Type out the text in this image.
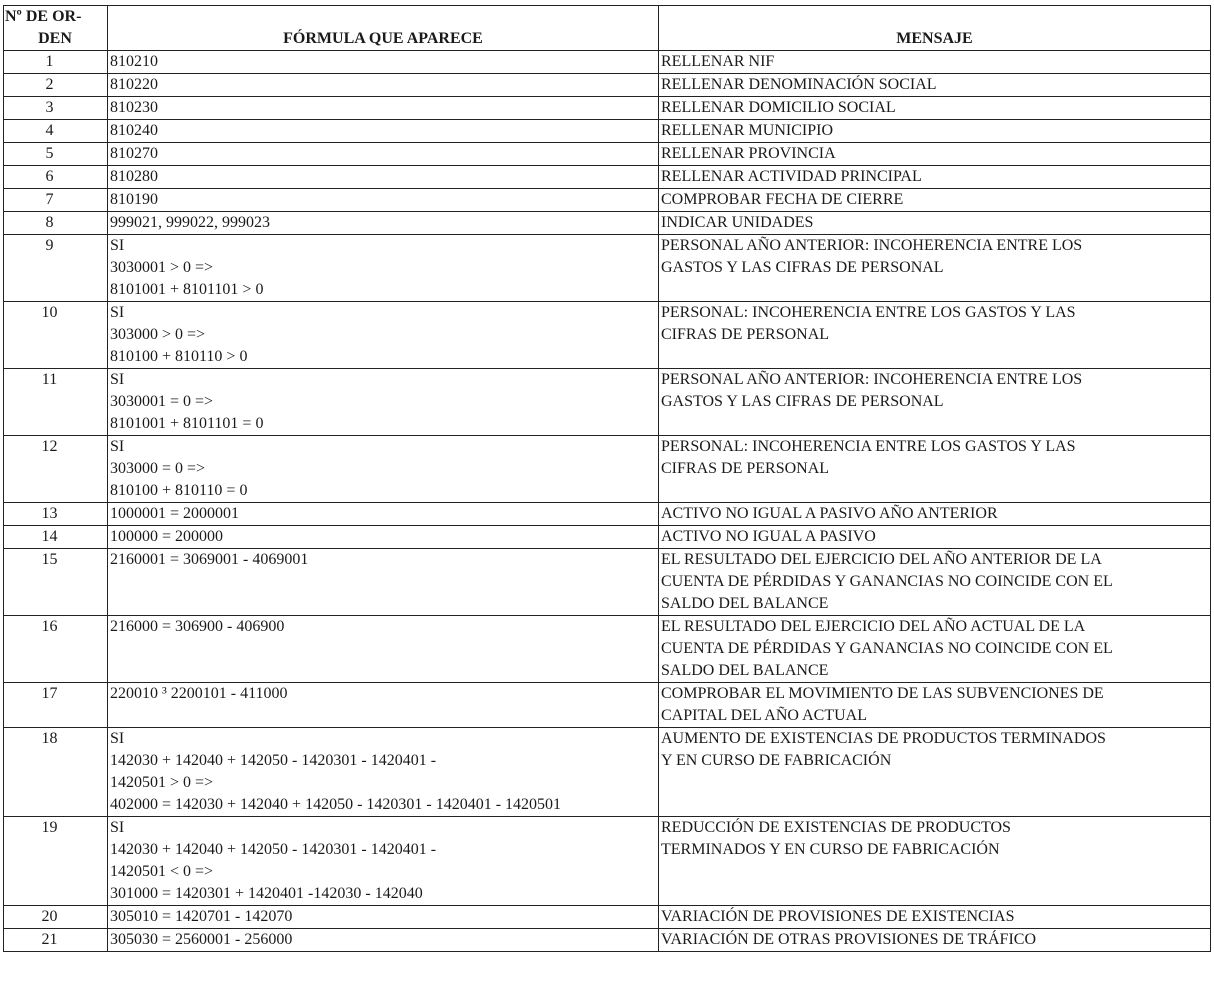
Nº DE OR-
DEN	FÓRMULA QUE APARECE	MENSAJE
1	810210	RELLENAR NIF

2	810220	RELLENAR DENOMINACIÓN SOCIAL

3	810230	RELLENAR DOMICILIO SOCIAL

4	810240	RELLENAR MUNICIPIO

5	810270	RELLENAR PROVINCIA

6	810280	RELLENAR ACTIVIDAD PRINCIPAL

7	810190	COMPROBAR FECHA DE CIERRE

8	999021, 999022, 999023	INDICAR UNIDADES

9	SI
3030001 > 0 =>
8101001 + 8101101 > 0	PERSONAL AÑO ANTERIOR: INCOHERENCIA ENTRE LOS
GASTOS Y LAS CIFRAS DE PERSONAL

10	SI
303000 > 0 =>
810100 + 810110 > 0	PERSONAL: INCOHERENCIA ENTRE LOS GASTOS Y LAS
CIFRAS DE PERSONAL

11	SI
3030001 = 0 =>
8101001 + 8101101 = 0	PERSONAL AÑO ANTERIOR: INCOHERENCIA ENTRE LOS
GASTOS Y LAS CIFRAS DE PERSONAL

12	SI
303000 = 0 =>
810100 + 810110 = 0	PERSONAL: INCOHERENCIA ENTRE LOS GASTOS Y LAS
CIFRAS DE PERSONAL

13	1000001 = 2000001	ACTIVO NO IGUAL A PASIVO AÑO ANTERIOR

14	100000 = 200000	ACTIVO NO IGUAL A PASIVO

15	2160001 = 3069001 - 4069001	EL RESULTADO DEL EJERCICIO DEL AÑO ANTERIOR DE LA
CUENTA DE PÉRDIDAS Y GANANCIAS NO COINCIDE CON EL
SALDO DEL BALANCE

16	216000 = 306900 - 406900	EL RESULTADO DEL EJERCICIO DEL AÑO ACTUAL DE LA
CUENTA DE PÉRDIDAS Y GANANCIAS NO COINCIDE CON EL
SALDO DEL BALANCE

17	220010 ³ 2200101 - 411000	COMPROBAR EL MOVIMIENTO DE LAS SUBVENCIONES DE
CAPITAL DEL AÑO ACTUAL

18	SI
142030 + 142040 + 142050 - 1420301 - 1420401 -
1420501 > 0 =>
402000 = 142030 + 142040 + 142050 - 1420301 - 1420401 - 1420501	AUMENTO DE EXISTENCIAS DE PRODUCTOS TERMINADOS
Y EN CURSO DE FABRICACIÓN

19	SI
142030 + 142040 + 142050 - 1420301 - 1420401 -
1420501 < 0 =>
301000 = 1420301 + 1420401 -142030 - 142040	REDUCCIÓN DE EXISTENCIAS DE PRODUCTOS
TERMINADOS Y EN CURSO DE FABRICACIÓN

20	305010 = 1420701 - 142070	VARIACIÓN DE PROVISIONES DE EXISTENCIAS

21	305030 = 2560001 - 256000	VARIACIÓN DE OTRAS PROVISIONES DE TRÁFICO
